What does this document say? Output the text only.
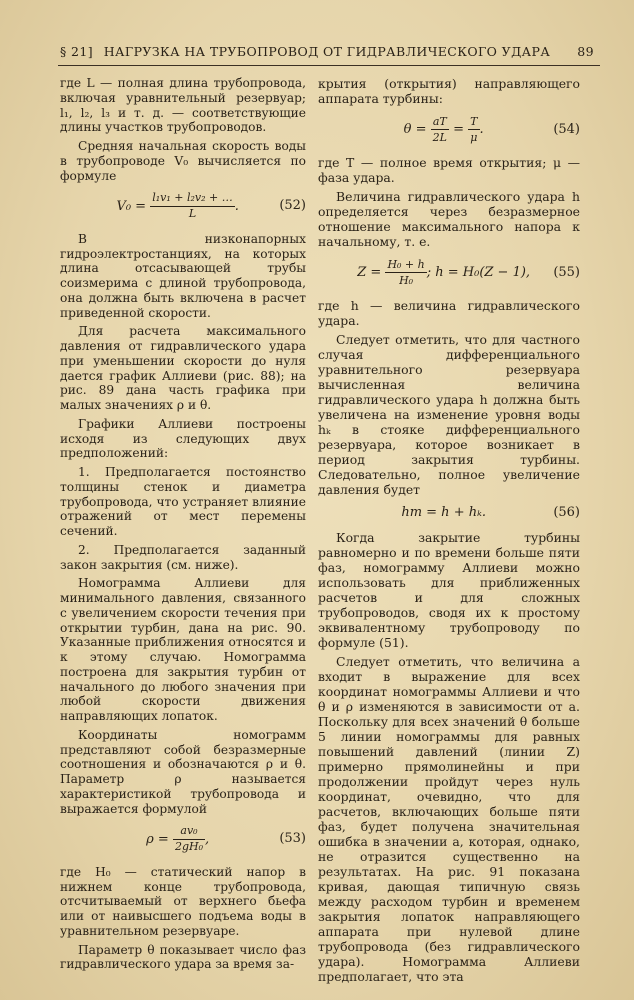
§ 21] НАГРУЗКА НА ТРУБОПРОВОД ОТ ГИДРАВЛИЧЕСКОГО УДАРА	89

где L — полная длина трубопровода, включая уравнительный резервуар; l₁, l₂, l₃ и т. д. — соответствующие длины участков трубопроводов.

Средняя начальная скорость воды в трубопроводе V₀ вычисляется по формуле

$V_0 = \frac{\text{l₁v₁ + l₂v₂ + …}}{L}$ .	(52)

В низконапорных гидроэлектростанциях, на которых длина отсасывающей трубы соизмерима с длиной трубопровода, она должна быть включена в расчет приведенной скорости.

Для расчета максимального давления от гидравлического удара при уменьшении скорости до нуля дается график Аллиеви (рис. 88); на рис. 89 дана часть графика при малых значениях ρ и θ.

Графики Аллиеви построены исходя из следующих двух предположений:

1. Предполагается постоянство толщины стенок и диаметра трубопровода, что устраняет влияние отражений от мест перемены сечений.

2. Предполагается заданный закон закрытия (см. ниже).

Номограмма Аллиеви для минимального давления, связанного с увеличением скорости течения при открытии турбин, дана на рис. 90. Указанные приближения относятся и к этому случаю. Номограмма построена для закрытия турбин от начального до любого значения при любой скорости движения направляющих лопаток.

Координаты номограмм представляют собой безразмерные соотношения и обозначаются ρ и θ. Параметр ρ называется характеристикой трубопровода и выражается формулой

$\rho = \frac{\text{av₀}}{\text{2gH₀}}$ ,	(53)

где H₀ — статический напор в нижнем конце трубопровода, отсчитываемый от верхнего бьефа или от наивысшего подъема воды в уравнительном резервуаре.

Параметр θ показывает число фаз гидравлического удара за время за-

крытия (открытия) направляющего аппарата турбины:

$\theta = \frac{aT}{2L} = \frac{T}{\mu}$ .	(54)

где T — полное время открытия; μ — фаза удара.

Величина гидравлического удара h определяется через безразмерное отношение максимального напора к начальному, т. е.

$Z = \frac{\text{H₀ + h}}{\text{H₀}}$ ; h = H₀(Z − 1),	(55)

где h — величина гидравлического удара.

Следует отметить, что для частного случая дифференциального уравнительного резервуара вычисленная величина гидравлического удара h должна быть увеличена на изменение уровня воды hₖ в стояке дифференциального резервуара, которое возникает в период закрытия турбины. Следовательно, полное увеличение давления будет

hт = h + hₖ.	(56)

Когда закрытие турбины равномерно и по времени больше пяти фаз, номограмму Аллиеви можно использовать для приближенных расчетов и для сложных трубопроводов, сводя их к простому эквивалентному трубопроводу по формуле (51).

Следует отметить, что величина a входит в выражение для всех координат номограммы Аллиеви и что θ и ρ изменяются в зависимости от a. Поскольку для всех значений θ больше 5 линии номограммы для равных повышений давлений (линии Z) примерно прямолинейны и при продолжении пройдут через нуль координат, очевидно, что для расчетов, включающих больше пяти фаз, будет получена значительная ошибка в значении a, которая, однако, не отразится существенно на результатах. На рис. 91 показана кривая, дающая типичную связь между расходом турбин и временем закрытия лопаток направляющего аппарата при нулевой длине трубопровода (без гидравлического удара). Номограмма Аллиеви предполагает, что эта
